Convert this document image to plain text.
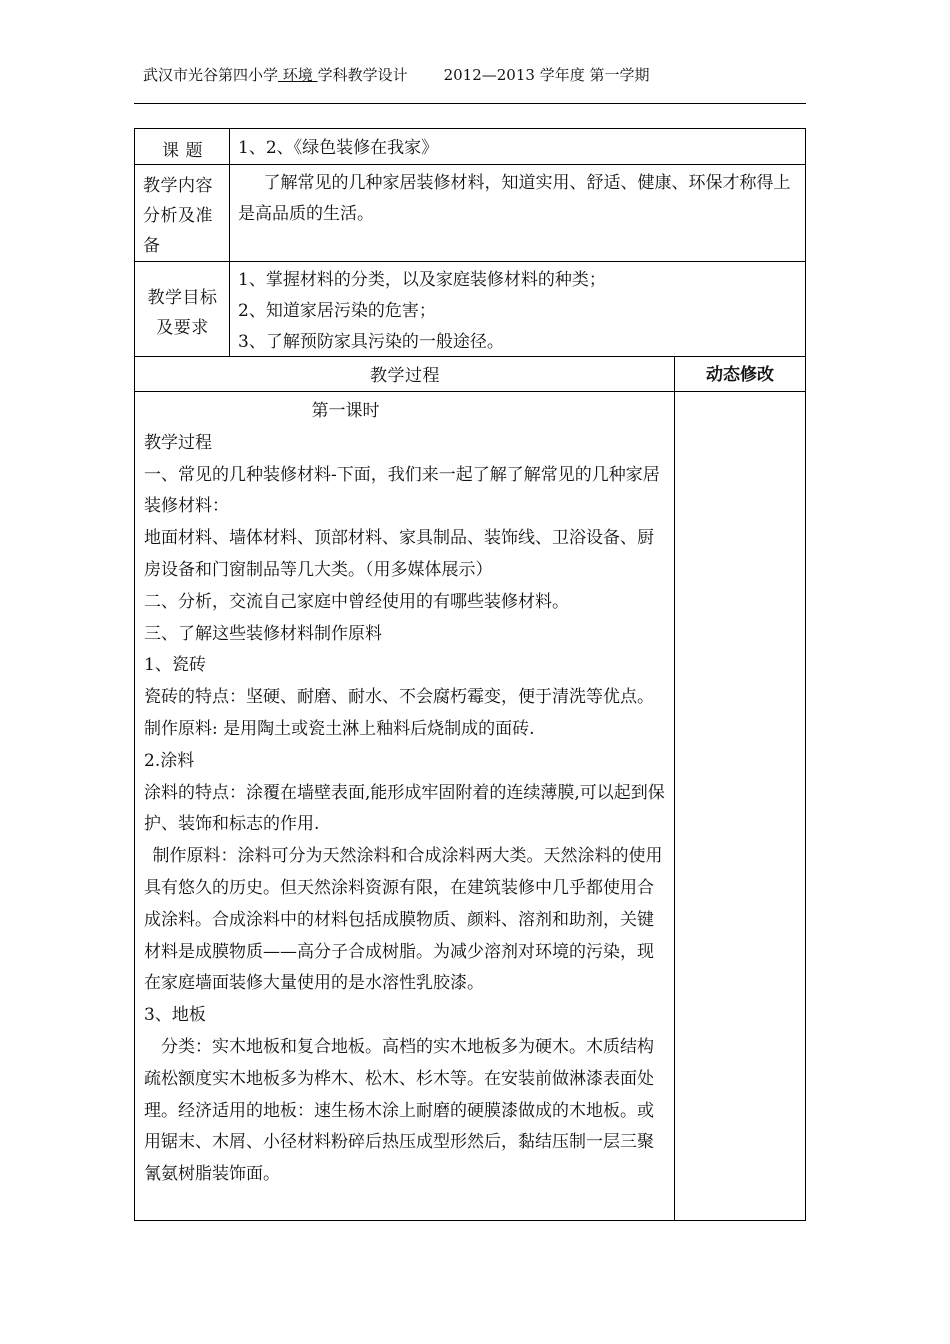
武汉市光谷第四小学 环境 学科教学设计 2012—2013 学年度 第一学期
课 题	1、2、《绿色装修在我家》
教学内容分析及准备
了解常见的几种家居装修材料，知道实用、舒适、健康、环保才称得上是高品质的生活。
教学目标及要求

1、掌握材料的分类，以及家庭装修材料的种类；

2、知道家居污染的危害；

3、了解预防家具污染的一般途径。

教学过程	动态修改

第一课时

教学过程

一、常见的几种装修材料-下面，我们来一起了解了解常见的几种家居装修材料：

地面材料、墙体材料、顶部材料、家具制品、装饰线、卫浴设备、厨房设备和门窗制品等几大类。（用多媒体展示）

二、分析，交流自己家庭中曾经使用的有哪些装修材料。

三、了解这些装修材料制作原料

1、瓷砖

瓷砖的特点：坚硬、耐磨、耐水、不会腐朽霉变，便于清洗等优点。制作原料: 是用陶土或瓷土淋上釉料后烧制成的面砖.

2.涂料

涂料的特点：涂覆在墙壁表面,能形成牢固附着的连续薄膜,可以起到保护、装饰和标志的作用.

制作原料：涂料可分为天然涂料和合成涂料两大类。天然涂料的使用具有悠久的历史。但天然涂料资源有限，在建筑装修中几乎都使用合成涂料。合成涂料中的材料包括成膜物质、颜料、溶剂和助剂，关键材料是成膜物质——高分子合成树脂。为减少溶剂对环境的污染，现在家庭墙面装修大量使用的是水溶性乳胶漆。

3、地板

分类：实木地板和复合地板。高档的实木地板多为硬木。木质结构疏松额度实木地板多为桦木、松木、杉木等。在安装前做淋漆表面处理。经济适用的地板：速生杨木涂上耐磨的硬膜漆做成的木地板。或用锯末、木屑、小径材料粉碎后热压成型形然后，黏结压制一层三聚氰氨树脂装饰面。
